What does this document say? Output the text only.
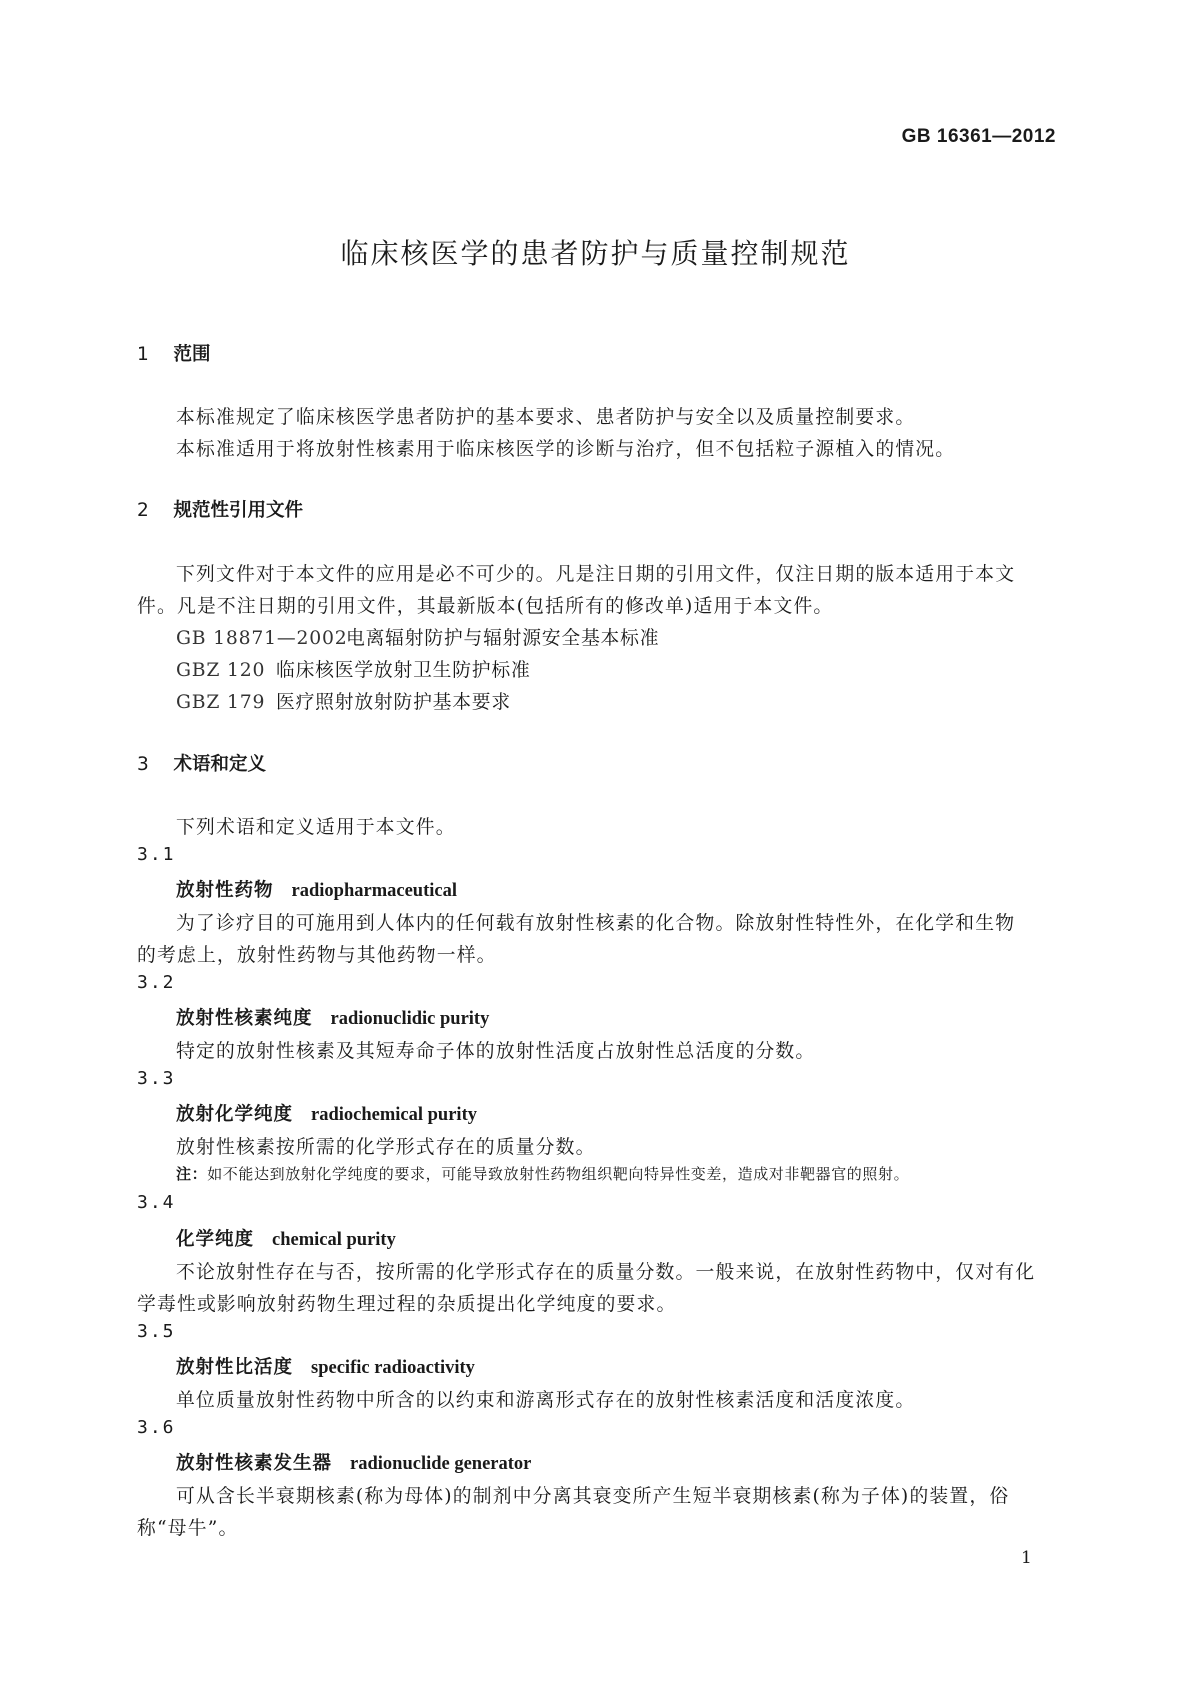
GB 16361—2012
临床核医学的患者防护与质量控制规范
1 范围
本标准规定了临床核医学患者防护的基本要求、患者防护与安全以及质量控制要求。
本标准适用于将放射性核素用于临床核医学的诊断与治疗，但不包括粒子源植入的情况。
2 规范性引用文件
下列文件对于本文件的应用是必不可少的。凡是注日期的引用文件，仅注日期的版本适用于本文
件。凡是不注日期的引用文件，其最新版本(包括所有的修改单)适用于本文件。
GB 18871—2002电离辐射防护与辐射源安全基本标准
GBZ 120 临床核医学放射卫生防护标准
GBZ 179 医疗照射放射防护基本要求
3 术语和定义
下列术语和定义适用于本文件。
3.1
放射性药物 radiopharmaceutical
为了诊疗目的可施用到人体内的任何载有放射性核素的化合物。除放射性特性外，在化学和生物
的考虑上，放射性药物与其他药物一样。
3.2
放射性核素纯度 radionuclidic purity
特定的放射性核素及其短寿命子体的放射性活度占放射性总活度的分数。
3.3
放射化学纯度 radiochemical purity
放射性核素按所需的化学形式存在的质量分数。
注：如不能达到放射化学纯度的要求，可能导致放射性药物组织靶向特异性变差，造成对非靶器官的照射。
3.4
化学纯度 chemical purity
不论放射性存在与否，按所需的化学形式存在的质量分数。一般来说，在放射性药物中，仅对有化
学毒性或影响放射药物生理过程的杂质提出化学纯度的要求。
3.5
放射性比活度 specific radioactivity
单位质量放射性药物中所含的以约束和游离形式存在的放射性核素活度和活度浓度。
3.6
放射性核素发生器 radionuclide generator
可从含长半衰期核素(称为母体)的制剂中分离其衰变所产生短半衰期核素(称为子体)的装置，俗
称“母牛”。
1
